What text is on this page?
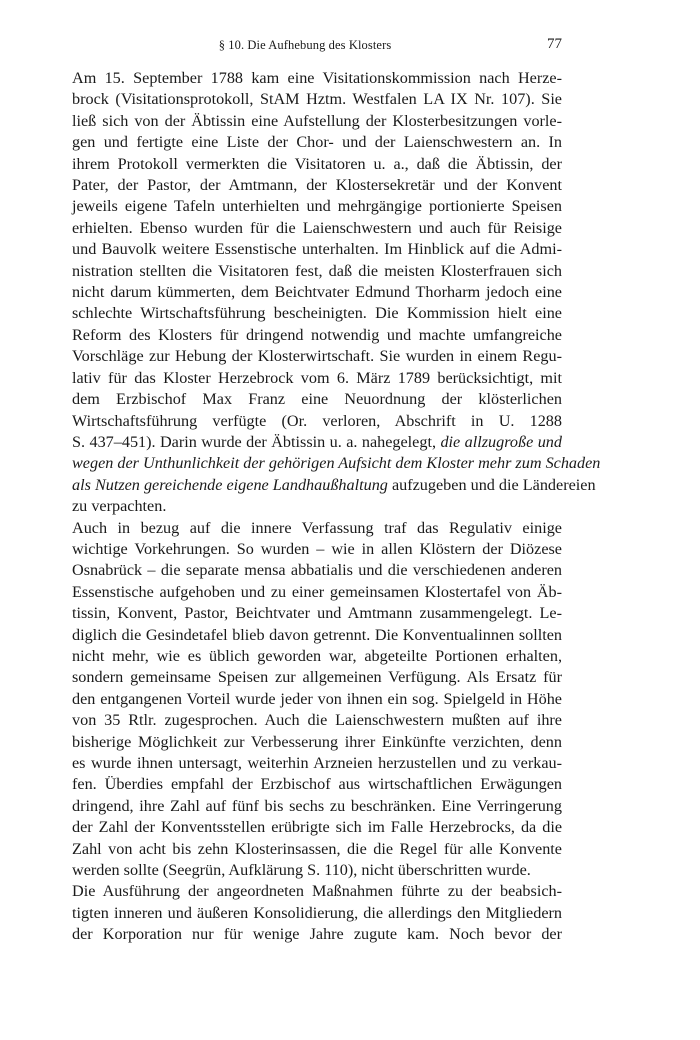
§ 10. Die Aufhebung des Klosters	77

Am 15. September 1788 kam eine Visitationskommission nach Herze-
brock (Visitationsprotokoll, StAM Hztm. Westfalen LA IX Nr. 107). Sie
ließ sich von der Äbtissin eine Aufstellung der Klosterbesitzungen vorle-
gen und fertigte eine Liste der Chor- und der Laienschwestern an. In
ihrem Protokoll vermerkten die Visitatoren u. a., daß die Äbtissin, der
Pater, der Pastor, der Amtmann, der Klostersekretär und der Konvent
jeweils eigene Tafeln unterhielten und mehrgängige portionierte Speisen
erhielten. Ebenso wurden für die Laienschwestern und auch für Reisige
und Bauvolk weitere Essenstische unterhalten. Im Hinblick auf die Admi-
nistration stellten die Visitatoren fest, daß die meisten Klosterfrauen sich
nicht darum kümmerten, dem Beichtvater Edmund Thorharm jedoch eine
schlechte Wirtschaftsführung bescheinigten. Die Kommission hielt eine
Reform des Klosters für dringend notwendig und machte umfangreiche
Vorschläge zur Hebung der Klosterwirtschaft. Sie wurden in einem Regu-
lativ für das Kloster Herzebrock vom 6. März 1789 berücksichtigt, mit
dem Erzbischof Max Franz eine Neuordnung der klösterlichen
Wirtschaftsführung verfügte (Or. verloren, Abschrift in U. 1288
S. 437–451). Darin wurde der Äbtissin u. a. nahegelegt, die allzugroße und
wegen der Unthunlichkeit der gehörigen Aufsicht dem Kloster mehr zum Schaden
als Nutzen gereichende eigene Landhaußhaltung aufzugeben und die Ländereien
zu verpachten.

Auch in bezug auf die innere Verfassung traf das Regulativ einige
wichtige Vorkehrungen. So wurden – wie in allen Klöstern der Diözese
Osnabrück – die separate mensa abbatialis und die verschiedenen anderen
Essenstische aufgehoben und zu einer gemeinsamen Klostertafel von Äb-
tissin, Konvent, Pastor, Beichtvater und Amtmann zusammengelegt. Le-
diglich die Gesindetafel blieb davon getrennt. Die Konventualinnen sollten
nicht mehr, wie es üblich geworden war, abgeteilte Portionen erhalten,
sondern gemeinsame Speisen zur allgemeinen Verfügung. Als Ersatz für
den entgangenen Vorteil wurde jeder von ihnen ein sog. Spielgeld in Höhe
von 35 Rtlr. zugesprochen. Auch die Laienschwestern mußten auf ihre
bisherige Möglichkeit zur Verbesserung ihrer Einkünfte verzichten, denn
es wurde ihnen untersagt, weiterhin Arzneien herzustellen und zu verkau-
fen. Überdies empfahl der Erzbischof aus wirtschaftlichen Erwägungen
dringend, ihre Zahl auf fünf bis sechs zu beschränken. Eine Verringerung
der Zahl der Konventsstellen erübrigte sich im Falle Herzebrocks, da die
Zahl von acht bis zehn Klosterinsassen, die die Regel für alle Konvente
werden sollte (Seegrün, Aufklärung S. 110), nicht überschritten wurde.

Die Ausführung der angeordneten Maßnahmen führte zu der beabsich-
tigten inneren und äußeren Konsolidierung, die allerdings den Mitgliedern
der Korporation nur für wenige Jahre zugute kam. Noch bevor der
